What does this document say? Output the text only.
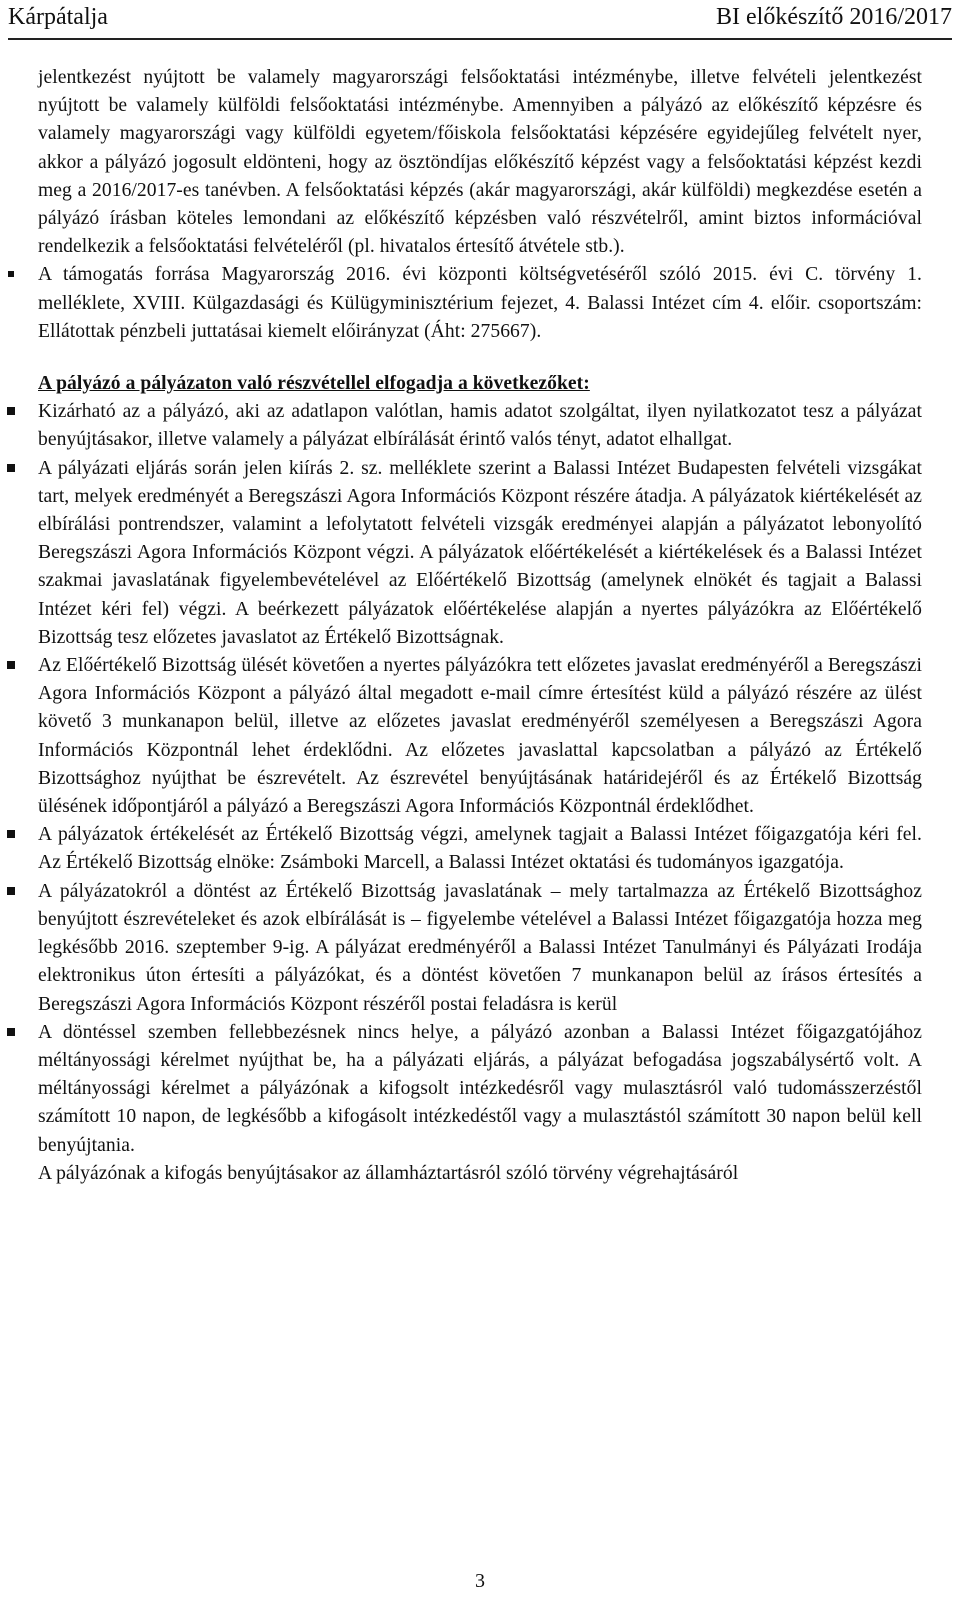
Kárpátalja	BI előkészítő 2016/2017

jelentkezést nyújtott be valamely magyarországi felsőoktatási intézménybe, illetve felvételi jelentkezést nyújtott be valamely külföldi felsőoktatási intézménybe. Amennyiben a pályázó az előkészítő képzésre és valamely magyarországi vagy külföldi egyetem/főiskola felsőoktatási képzésére egyidejűleg felvételt nyer, akkor a pályázó jogosult eldönteni, hogy az ösztöndíjas előkészítő képzést vagy a felsőoktatási képzést kezdi meg a 2016/2017-es tanévben. A felsőoktatási képzés (akár magyarországi, akár külföldi) megkezdése esetén a pályázó írásban köteles lemondani az előkészítő képzésben való részvételről, amint biztos információval rendelkezik a felsőoktatási felvételéről (pl. hivatalos értesítő átvétele stb.).

A támogatás forrása Magyarország 2016. évi központi költségvetéséről szóló 2015. évi C. törvény 1. melléklete, XVIII. Külgazdasági és Külügyminisztérium fejezet, 4. Balassi Intézet cím 4. előir. csoportszám: Ellátottak pénzbeli juttatásai kiemelt előirányzat (Áht: 275667).

A pályázó a pályázaton való részvétellel elfogadja a következőket:

Kizárható az a pályázó, aki az adatlapon valótlan, hamis adatot szolgáltat, ilyen nyilatkozatot tesz a pályázat benyújtásakor, illetve valamely a pályázat elbírálását érintő valós tényt, adatot elhallgat.
A pályázati eljárás során jelen kiírás 2. sz. melléklete szerint a Balassi Intézet Budapesten felvételi vizsgákat tart, melyek eredményét a Beregszászi Agora Információs Központ részére átadja. A pályázatok kiértékelését az elbírálási pontrendszer, valamint a lefolytatott felvételi vizsgák eredményei alapján a pályázatot lebonyolító Beregszászi Agora Információs Központ végzi. A pályázatok előértékelését a kiértékelések és a Balassi Intézet szakmai javaslatának figyelembevételével az Előértékelő Bizottság (amelynek elnökét és tagjait a Balassi Intézet kéri fel) végzi. A beérkezett pályázatok előértékelése alapján a nyertes pályázókra az Előértékelő Bizottság tesz előzetes javaslatot az Értékelő Bizottságnak.
Az Előértékelő Bizottság ülését követően a nyertes pályázókra tett előzetes javaslat eredményéről a Beregszászi Agora Információs Központ a pályázó által megadott e-mail címre értesítést küld a pályázó részére az ülést követő 3 munkanapon belül, illetve az előzetes javaslat eredményéről személyesen a Beregszászi Agora Információs Központnál lehet érdeklődni. Az előzetes javaslattal kapcsolatban a pályázó az Értékelő Bizottsághoz nyújthat be észrevételt. Az észrevétel benyújtásának határidejéről és az Értékelő Bizottság ülésének időpontjáról a pályázó a Beregszászi Agora Információs Központnál érdeklődhet.
A pályázatok értékelését az Értékelő Bizottság végzi, amelynek tagjait a Balassi Intézet főigazgatója kéri fel. Az Értékelő Bizottság elnöke: Zsámboki Marcell, a Balassi Intézet oktatási és tudományos igazgatója.
A pályázatokról a döntést az Értékelő Bizottság javaslatának – mely tartalmazza az Értékelő Bizottsághoz benyújtott észrevételeket és azok elbírálását is – figyelembe vételével a Balassi Intézet főigazgatója hozza meg legkésőbb 2016. szeptember 9-ig. A pályázat eredményéről a Balassi Intézet Tanulmányi és Pályázati Irodája elektronikus úton értesíti a pályázókat, és a döntést követően 7 munkanapon belül az írásos értesítés a Beregszászi Agora Információs Központ részéről postai feladásra is kerül
A döntéssel szemben fellebbezésnek nincs helye, a pályázó azonban a Balassi Intézet főigazgatójához méltányossági kérelmet nyújthat be, ha a pályázati eljárás, a pályázat befogadása jogszabálysértő volt. A méltányossági kérelmet a pályázónak a kifogsolt intézkedésről vagy mulasztásról való tudomásszerzéstől számított 10 napon, de legkésőbb a kifogásolt intézkedéstől vagy a mulasztástól számított 30 napon belül kell benyújtania.

A pályázónak a kifogás benyújtásakor az államháztartásról szóló törvény végrehajtásáról

3
